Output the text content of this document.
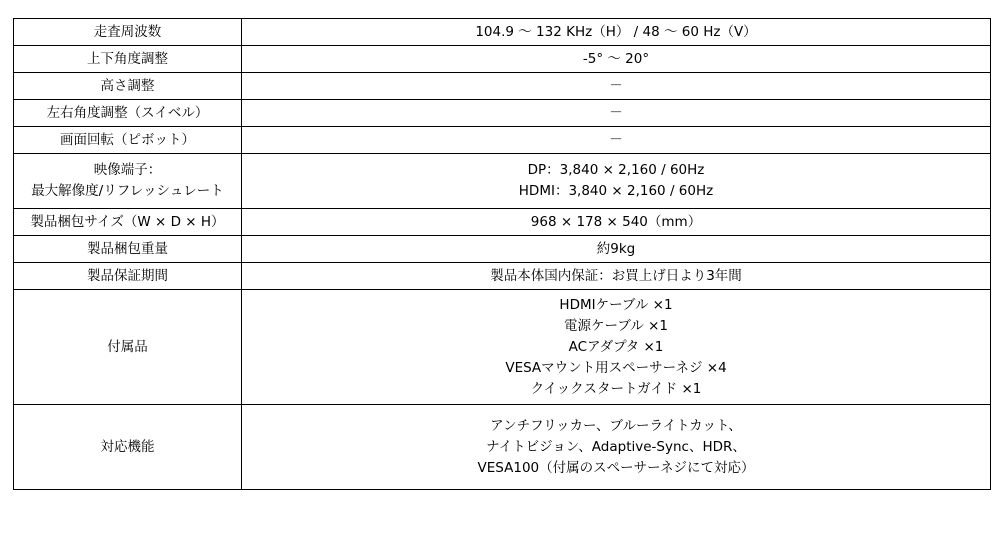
走査周波数	104.9 ～ 132 KHz（H） / 48 ～ 60 Hz（V）

上下角度調整	-5° ～ 20°

高さ調整	－

左右角度調整（スイベル）	－

画面回転（ピボット）	－

映像端子：
最大解像度/リフレッシュレート	DP：3,840 × 2,160 / 60Hz
HDMI：3,840 × 2,160 / 60Hz

製品梱包サイズ（W × D × H）	968 × 178 × 540（mm）

製品梱包重量	約9kg

製品保証期間	製品本体国内保証：お買上げ日より3年間

付属品	HDMIケーブル ×1
電源ケーブル ×1
ACアダプタ ×1
VESAマウント用スペーサーネジ ×4
クイックスタートガイド ×1

対応機能	アンチフリッカー、ブルーライトカット、
ナイトビジョン、Adaptive-Sync、HDR、
VESA100（付属のスペーサーネジにて対応）
